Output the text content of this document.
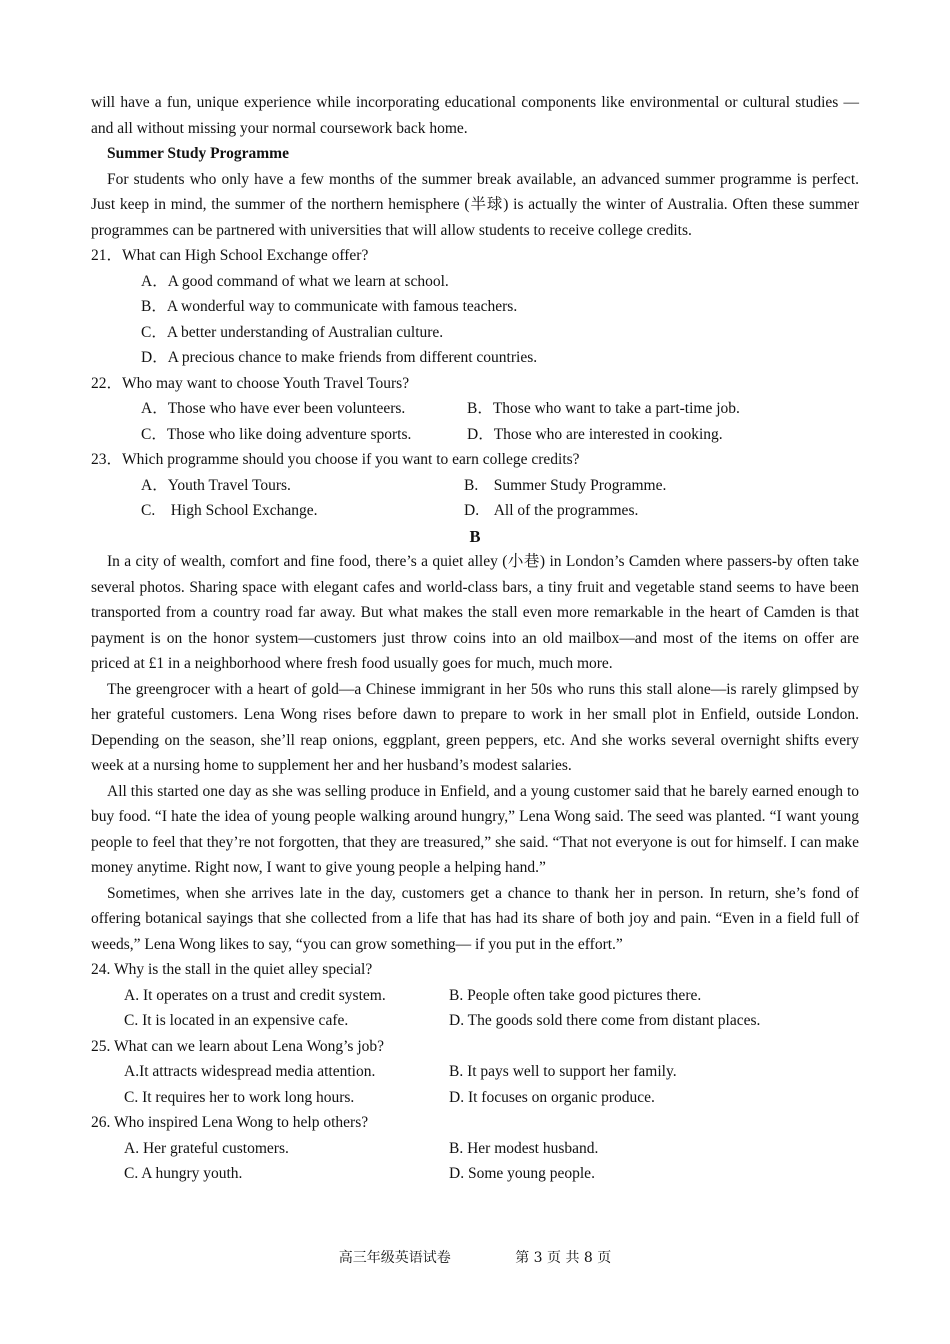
will have a fun, unique experience while incorporating educational components like environmental or cultural studies — and all without missing your normal coursework back home.

Summer Study Programme

For students who only have a few months of the summer break available, an advanced summer programme is perfect. Just keep in mind, the summer of the northern hemisphere (半球) is actually the winter of Australia. Often these summer programmes can be partnered with universities that will allow students to receive college credits.

21．What can High School Exchange offer?

A．A good command of what we learn at school.
B．A wonderful way to communicate with famous teachers.
C．A better understanding of Australian culture.
D．A precious chance to make friends from different countries.

22．Who may want to choose Youth Travel Tours?

A．Those who have ever been volunteers.	B．Those who want to take a part-time job.
C．Those who like doing adventure sports.	D．Those who are interested in cooking.

23．Which programme should you choose if you want to earn college credits?

A．Youth Travel Tours.	B.    Summer Study Programme.
C.    High School Exchange.	D.    All of the programmes.

B

In a city of wealth, comfort and fine food, there’s a quiet alley (小巷) in London’s Camden where passers-by often take several photos. Sharing space with elegant cafes and world-class bars, a tiny fruit and vegetable stand seems to have been transported from a country road far away. But what makes the stall even more remarkable in the heart of Camden is that payment is on the honor system—customers just throw coins into an old mailbox—and most of the items on offer are priced at £1 in a neighborhood where fresh food usually goes for much, much more.

The greengrocer with a heart of gold—a Chinese immigrant in her 50s who runs this stall alone—is rarely glimpsed by her grateful customers. Lena Wong rises before dawn to prepare to work in her small plot in Enfield, outside London. Depending on the season, she’ll reap onions, eggplant, green peppers, etc. And she works several overnight shifts every week at a nursing home to supplement her and her husband’s modest salaries.

All this started one day as she was selling produce in Enfield, and a young customer said that he barely earned enough to buy food. “I hate the idea of young people walking around hungry,” Lena Wong said. The seed was planted. “I want young people to feel that they’re not forgotten, that they are treasured,” she said. “That not everyone is out for himself. I can make money anytime. Right now, I want to give young people a helping hand.”

Sometimes, when she arrives late in the day, customers get a chance to thank her in person. In return, she’s fond of offering botanical sayings that she collected from a life that has had its share of both joy and pain. “Even in a field full of weeds,” Lena Wong likes to say, “you can grow something— if you put in the effort.”

24. Why is the stall in the quiet alley special?

A. It operates on a trust and credit system.	B. People often take good pictures there.
C. It is located in an expensive cafe.	D. The goods sold there come from distant places.

25. What can we learn about Lena Wong’s job?

A.It attracts widespread media attention.	B. It pays well to support her family.
C. It requires her to work long hours.	D. It focuses on organic produce.

26. Who inspired Lena Wong to help others?

A. Her grateful customers.	B. Her modest husband.
C. A hungry youth.	D. Some young people.
高三年级英语试卷	第 3 页 共 8 页
